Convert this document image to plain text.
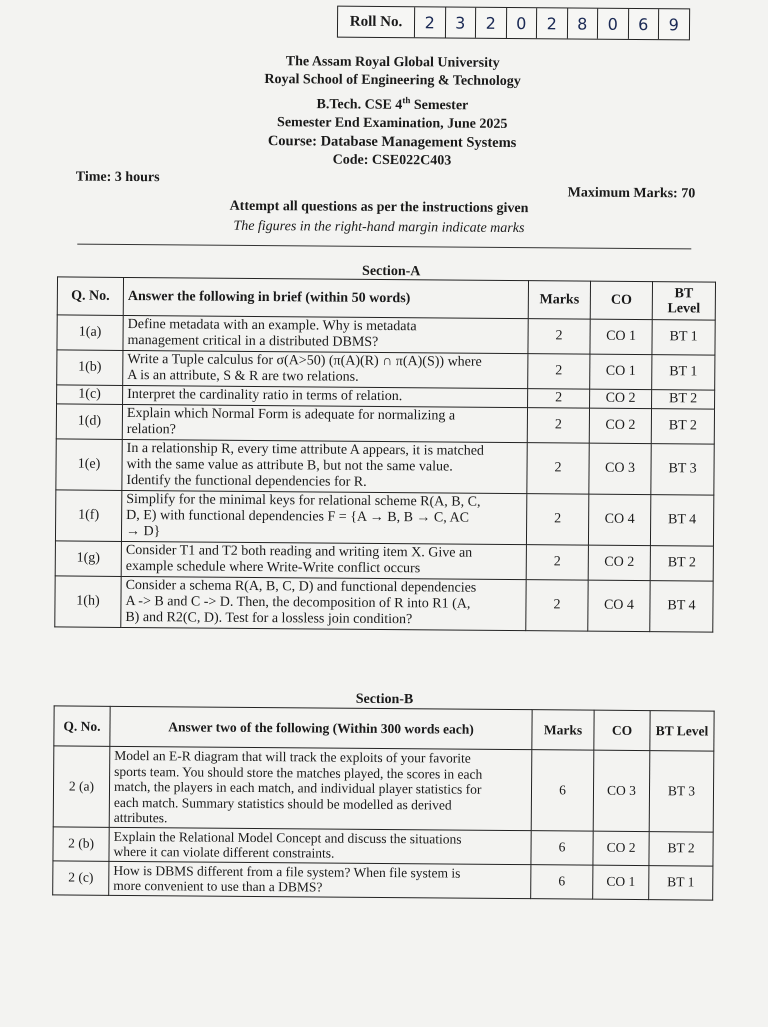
Roll No.	2	3	2	0	2	8	0	6	9
The Assam Royal Global University
Royal School of Engineering & Technology
B.Tech. CSE 4th Semester
Semester End Examination, June 2025
Course: Database Management Systems
Code: CSE022C403
Time: 3 hours
Maximum Marks: 70
Attempt all questions as per the instructions given
The figures in the right-hand margin indicate marks
Section-A
Q. No.	Answer the following in brief (within 50 words)	Marks	CO	BT Level
1(a)	Define metadata with an example. Why is metadata
management critical in a distributed DBMS?	2	CO 1	BT 1
1(b)	Write a Tuple calculus for σ(A>50) (π(A)(R) ∩ π(A)(S)) where
A is an attribute, S & R are two relations.	2	CO 1	BT 1
1(c)	Interpret the cardinality ratio in terms of relation.	2	CO 2	BT 2
1(d)	Explain which Normal Form is adequate for normalizing a
relation?	2	CO 2	BT 2
1(e)	In a relationship R, every time attribute A appears, it is matched
with the same value as attribute B, but not the same value.
Identify the functional dependencies for R.	2	CO 3	BT 3
1(f)	Simplify for the minimal keys for relational scheme R(A, B, C,
D, E) with functional dependencies F = {A → B, B → C, AC
→ D}	2	CO 4	BT 4
1(g)	Consider T1 and T2 both reading and writing item X. Give an
example schedule where Write-Write conflict occurs	2	CO 2	BT 2
1(h)	Consider a schema R(A, B, C, D) and functional dependencies
A -> B and C -> D. Then, the decomposition of R into R1 (A,
B) and R2(C, D). Test for a lossless join condition?	2	CO 4	BT 4
Section-B
Q. No.	Answer two of the following (Within 300 words each)	Marks	CO	BT Level
2 (a)	Model an E-R diagram that will track the exploits of your favorite
sports team. You should store the matches played, the scores in each
match, the players in each match, and individual player statistics for
each match. Summary statistics should be modelled as derived
attributes.	6	CO 3	BT 3
2 (b)	Explain the Relational Model Concept and discuss the situations
where it can violate different constraints.	6	CO 2	BT 2
2 (c)	How is DBMS different from a file system? When file system is
more convenient to use than a DBMS?	6	CO 1	BT 1
